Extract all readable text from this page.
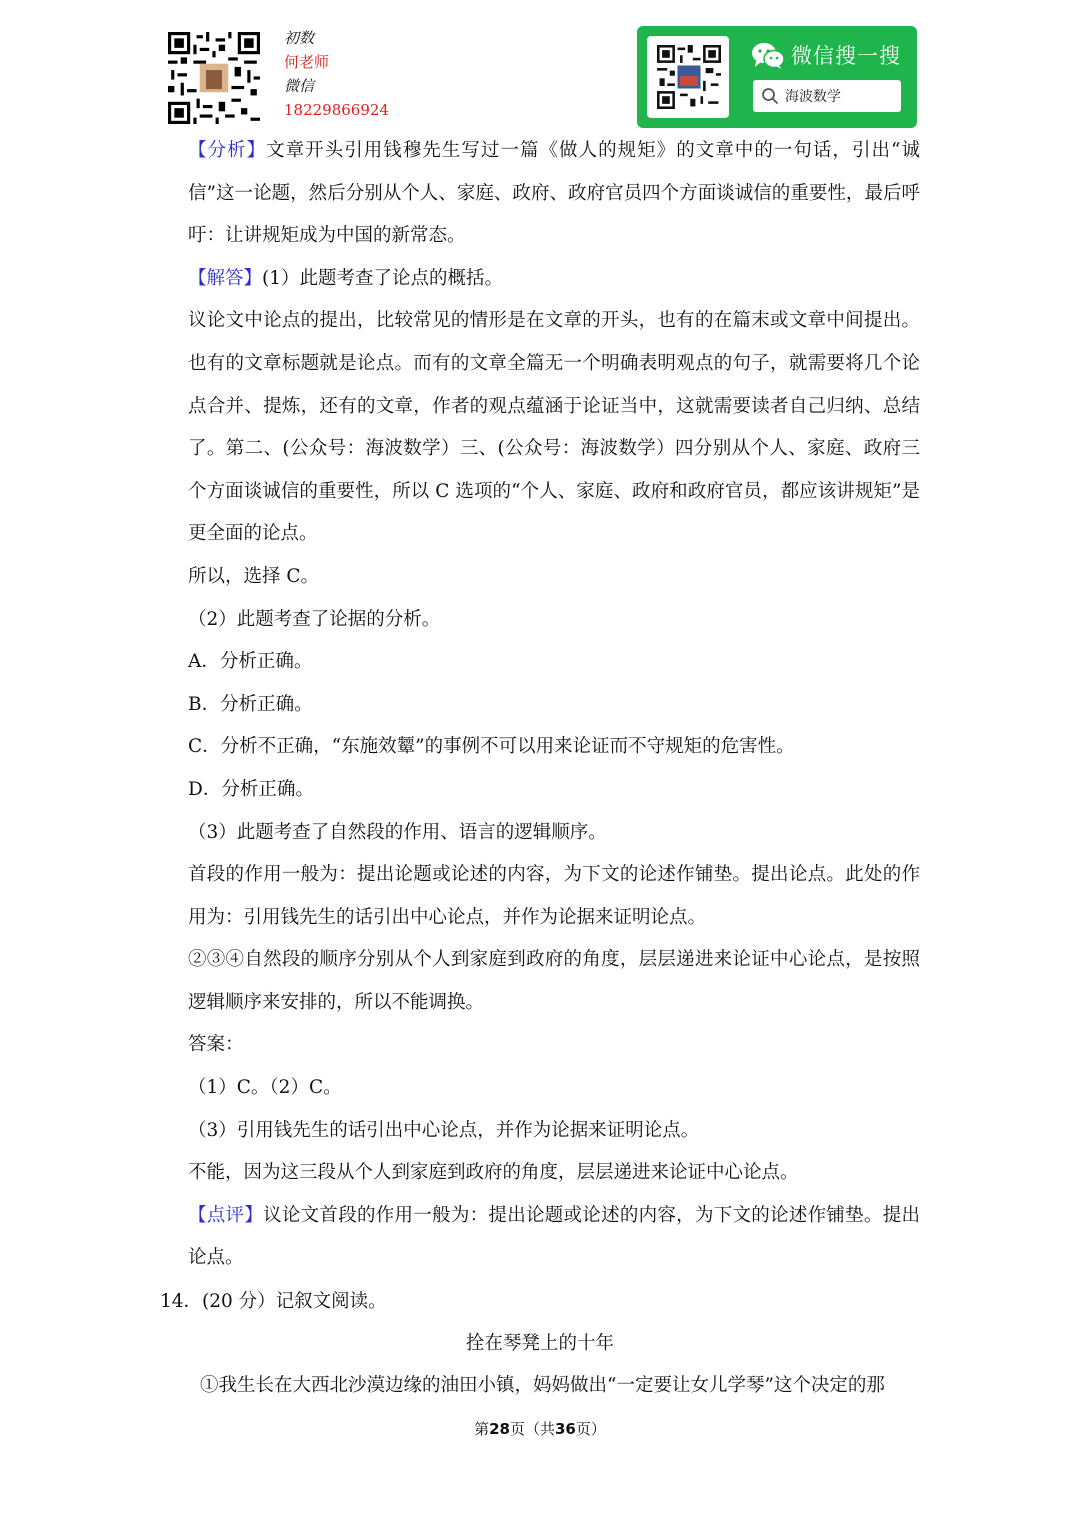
初数
何老师
微信
18229866924
微信搜一搜
海波数学

【分析】文章开头引用钱穆先生写过一篇《做人的规矩》的文章中的一句话，引出“诚信”这一论题，然后分别从个人、家庭、政府、政府官员四个方面谈诚信的重要性，最后呼吁：让讲规矩成为中国的新常态。

【解答】(1）此题考查了论点的概括。

议论文中论点的提出，比较常见的情形是在文章的开头，也有的在篇末或文章中间提出。也有的文章标题就是论点。而有的文章全篇无一个明确表明观点的句子，就需要将几个论点合并、提炼，还有的文章，作者的观点蕴涵于论证当中，这就需要读者自己归纳、总结了。第二、(公众号：海波数学）三、(公众号：海波数学）四分别从个人、家庭、政府三个方面谈诚信的重要性，所以 C 选项的“个人、家庭、政府和政府官员，都应该讲规矩”是更全面的论点。

所以，选择 C。

（2）此题考查了论据的分析。

A．分析正确。

B．分析正确。

C．分析不正确，“东施效颦”的事例不可以用来论证而不守规矩的危害性。

D．分析正确。

（3）此题考查了自然段的作用、语言的逻辑顺序。

首段的作用一般为：提出论题或论述的内容，为下文的论述作铺垫。提出论点。此处的作用为：引用钱先生的话引出中心论点，并作为论据来证明论点。

②③④自然段的顺序分别从个人到家庭到政府的角度，层层递进来论证中心论点，是按照逻辑顺序来安排的，所以不能调换。

答案：

（1）C。（2）C。

（3）引用钱先生的话引出中心论点，并作为论据来证明论点。

不能，因为这三段从个人到家庭到政府的角度，层层递进来论证中心论点。

【点评】议论文首段的作用一般为：提出论题或论述的内容，为下文的论述作铺垫。提出论点。

14．(20 分）记叙文阅读。
拴在琴凳上的十年
①我生长在大西北沙漠边缘的油田小镇，妈妈做出“一定要让女儿学琴”这个决定的那
第28页（共36页）
